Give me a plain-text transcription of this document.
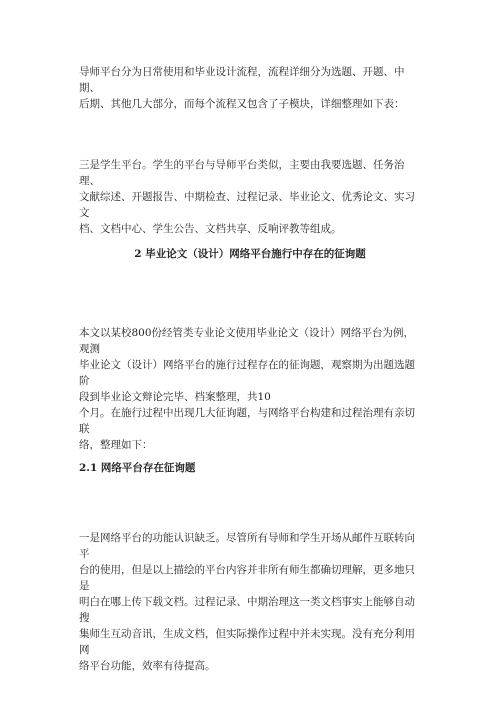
导师平台分为日常使用和毕业设计流程，流程详细分为选题、开题、中期、
后期、其他几大部分，而每个流程又包含了子模块，详细整理如下表：

三是学生平台。学生的平台与导师平台类似，主要由我要选题、任务治理、
文献综述、开题报告、中期检查、过程记录、毕业论文、优秀论文、实习文
档、文档中心、学生公告、文档共享、反响评教等组成。

2 毕业论文（设计）网络平台施行中存在的征询题

本文以某校800份经管类专业论文使用毕业论文（设计）网络平台为例，观测
毕业论文（设计）网络平台的施行过程存在的征询题，观察期为出题选题阶
段到毕业论文辩论完毕、档案整理，共10
个月。在施行过程中出现几大征询题，与网络平台构建和过程治理有亲切联
络，整理如下：

2.1 网络平台存在征询题

一是网络平台的功能认识缺乏。尽管所有导师和学生开场从邮件互联转向平
台的使用，但是以上描绘的平台内容并非所有师生都确切理解，更多地只是
明白在哪上传下载文档。过程记录、中期治理这一类文档事实上能够自动搜
集师生互动音讯，生成文档，但实际操作过程中并未实现。没有充分利用网
络平台功能，效率有待提高。
